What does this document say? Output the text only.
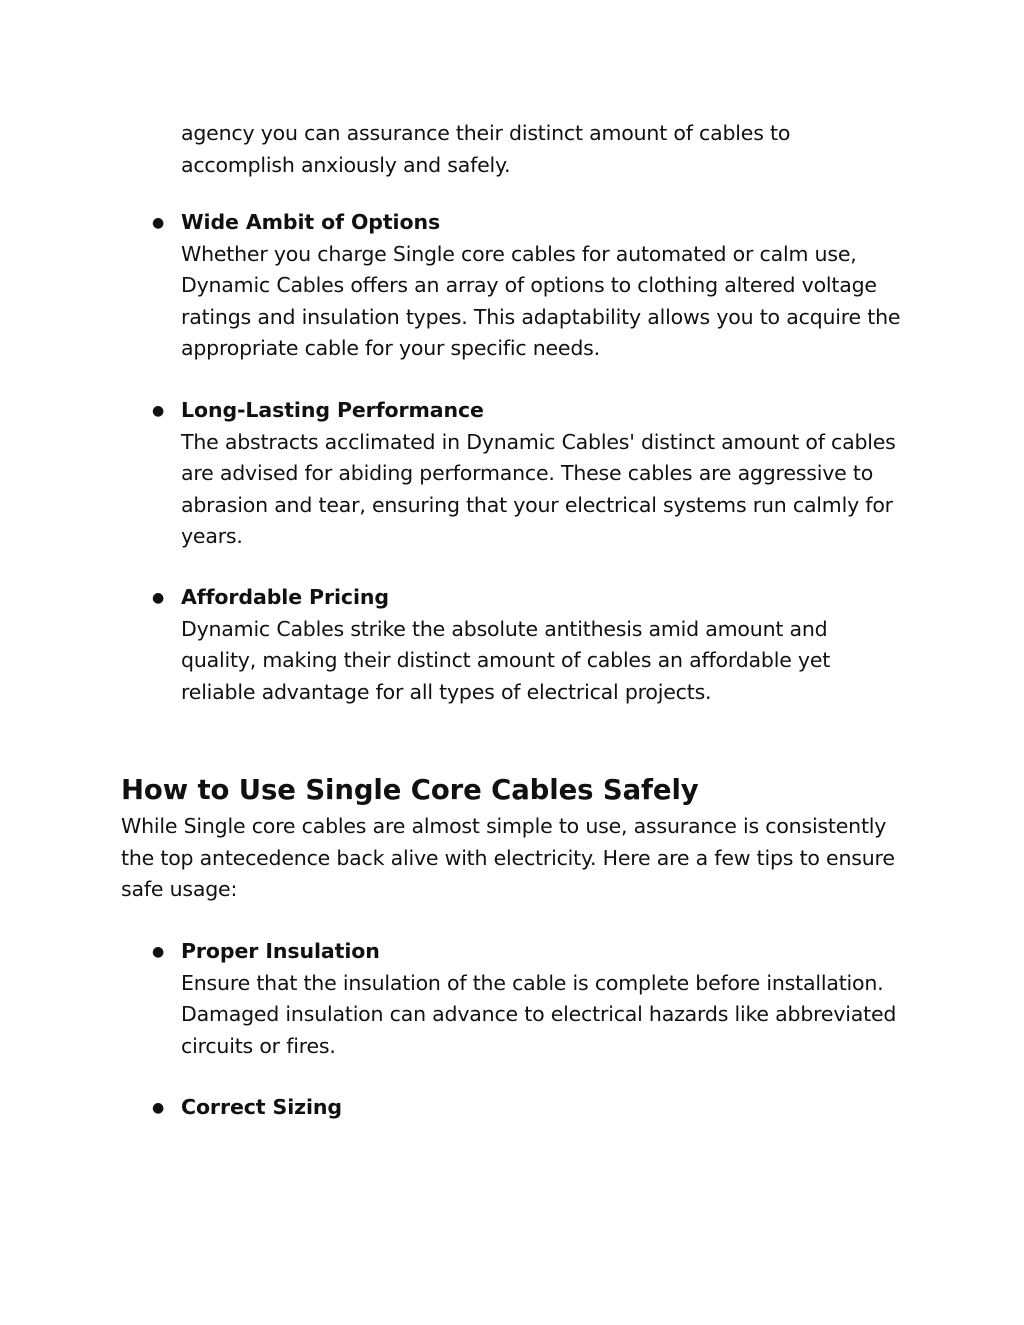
agency you can assurance their distinct amount of cables to accomplish anxiously and safely.

● Wide Ambit of Options

Whether you charge Single core cables for automated or calm use, Dynamic Cables offers an array of options to clothing altered voltage ratings and insulation types. This adaptability allows you to acquire the appropriate cable for your specific needs.

● Long-Lasting Performance

The abstracts acclimated in Dynamic Cables' distinct amount of cables are advised for abiding performance. These cables are aggressive to abrasion and tear, ensuring that your electrical systems run calmly for years.

● Affordable Pricing

Dynamic Cables strike the absolute antithesis amid amount and quality, making their distinct amount of cables an affordable yet reliable advantage for all types of electrical projects.

How to Use Single Core Cables Safely

While Single core cables are almost simple to use, assurance is consistently the top antecedence back alive with electricity. Here are a few tips to ensure safe usage:

● Proper Insulation

Ensure that the insulation of the cable is complete before installation. Damaged insulation can advance to electrical hazards like abbreviated circuits or fires.

● Correct Sizing
